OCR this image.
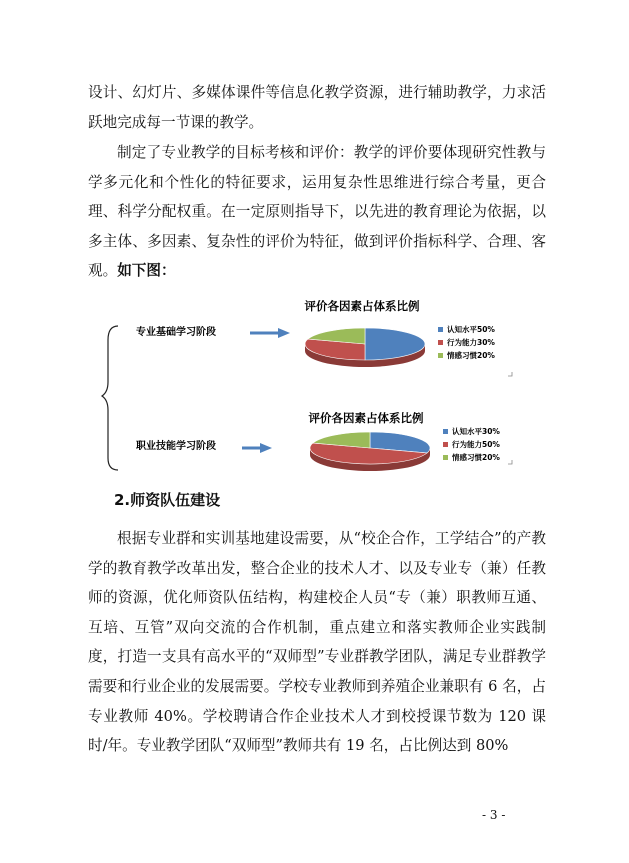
设计、幻灯片、多媒体课件等信息化教学资源，进行辅助教学，力求活跃地完成每一节课的教学。

制定了专业教学的目标考核和评价：教学的评价要体现研究性教与学多元化和个性化的特征要求，运用复杂性思维进行综合考量，更合理、科学分配权重。在一定原则指导下，以先进的教育理论为依据，以多主体、多因素、复杂性的评价为特征，做到评价指标科学、合理、客观。如下图：

专业基础学习阶段
职业技能学习阶段
评价各因素占体系比例
认知水平50%
行为能力30%
情感习惯20%
评价各因素占体系比例
认知水平30%
行为能力50%
情感习惯20%
2.师资队伍建设

根据专业群和实训基地建设需要，从“校企合作，工学结合”的产教学的教育教学改革出发，整合企业的技术人才、以及专业专（兼）任教师的资源，优化师资队伍结构，构建校企人员“专（兼）职教师互通、互培、互管”双向交流的合作机制，重点建立和落实教师企业实践制度，打造一支具有高水平的“双师型”专业群教学团队，满足专业群教学需要和行业企业的发展需要。学校专业教师到养殖企业兼职有 6 名，占专业教师 40%。学校聘请合作企业技术人才到校授课节数为 120 课时/年。专业教学团队“双师型”教师共有 19 名，占比例达到 80%

- 3 -
